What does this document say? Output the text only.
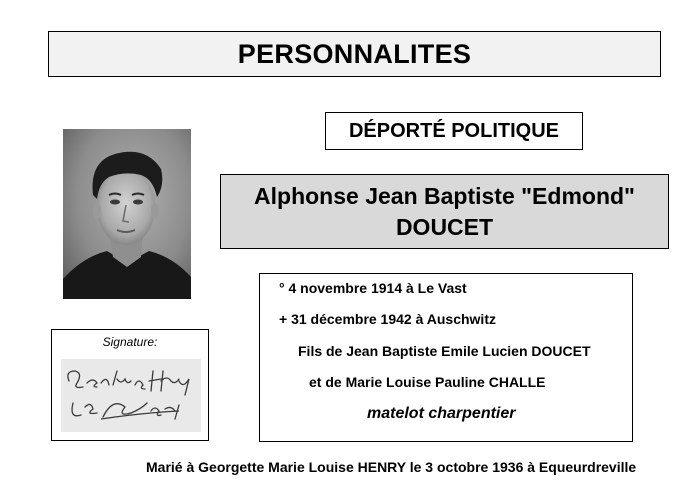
PERSONNALITES
DÉPORTÉ POLITIQUE
Alphonse Jean Baptiste "Edmond"
DOUCET
Signature:
° 4 novembre 1914 à Le Vast
+ 31 décembre 1942 à Auschwitz
Fils de Jean Baptiste Emile Lucien DOUCET
et de Marie Louise Pauline CHALLE
matelot charpentier
Marié à Georgette Marie Louise HENRY le 3 octobre 1936 à Equeurdreville
